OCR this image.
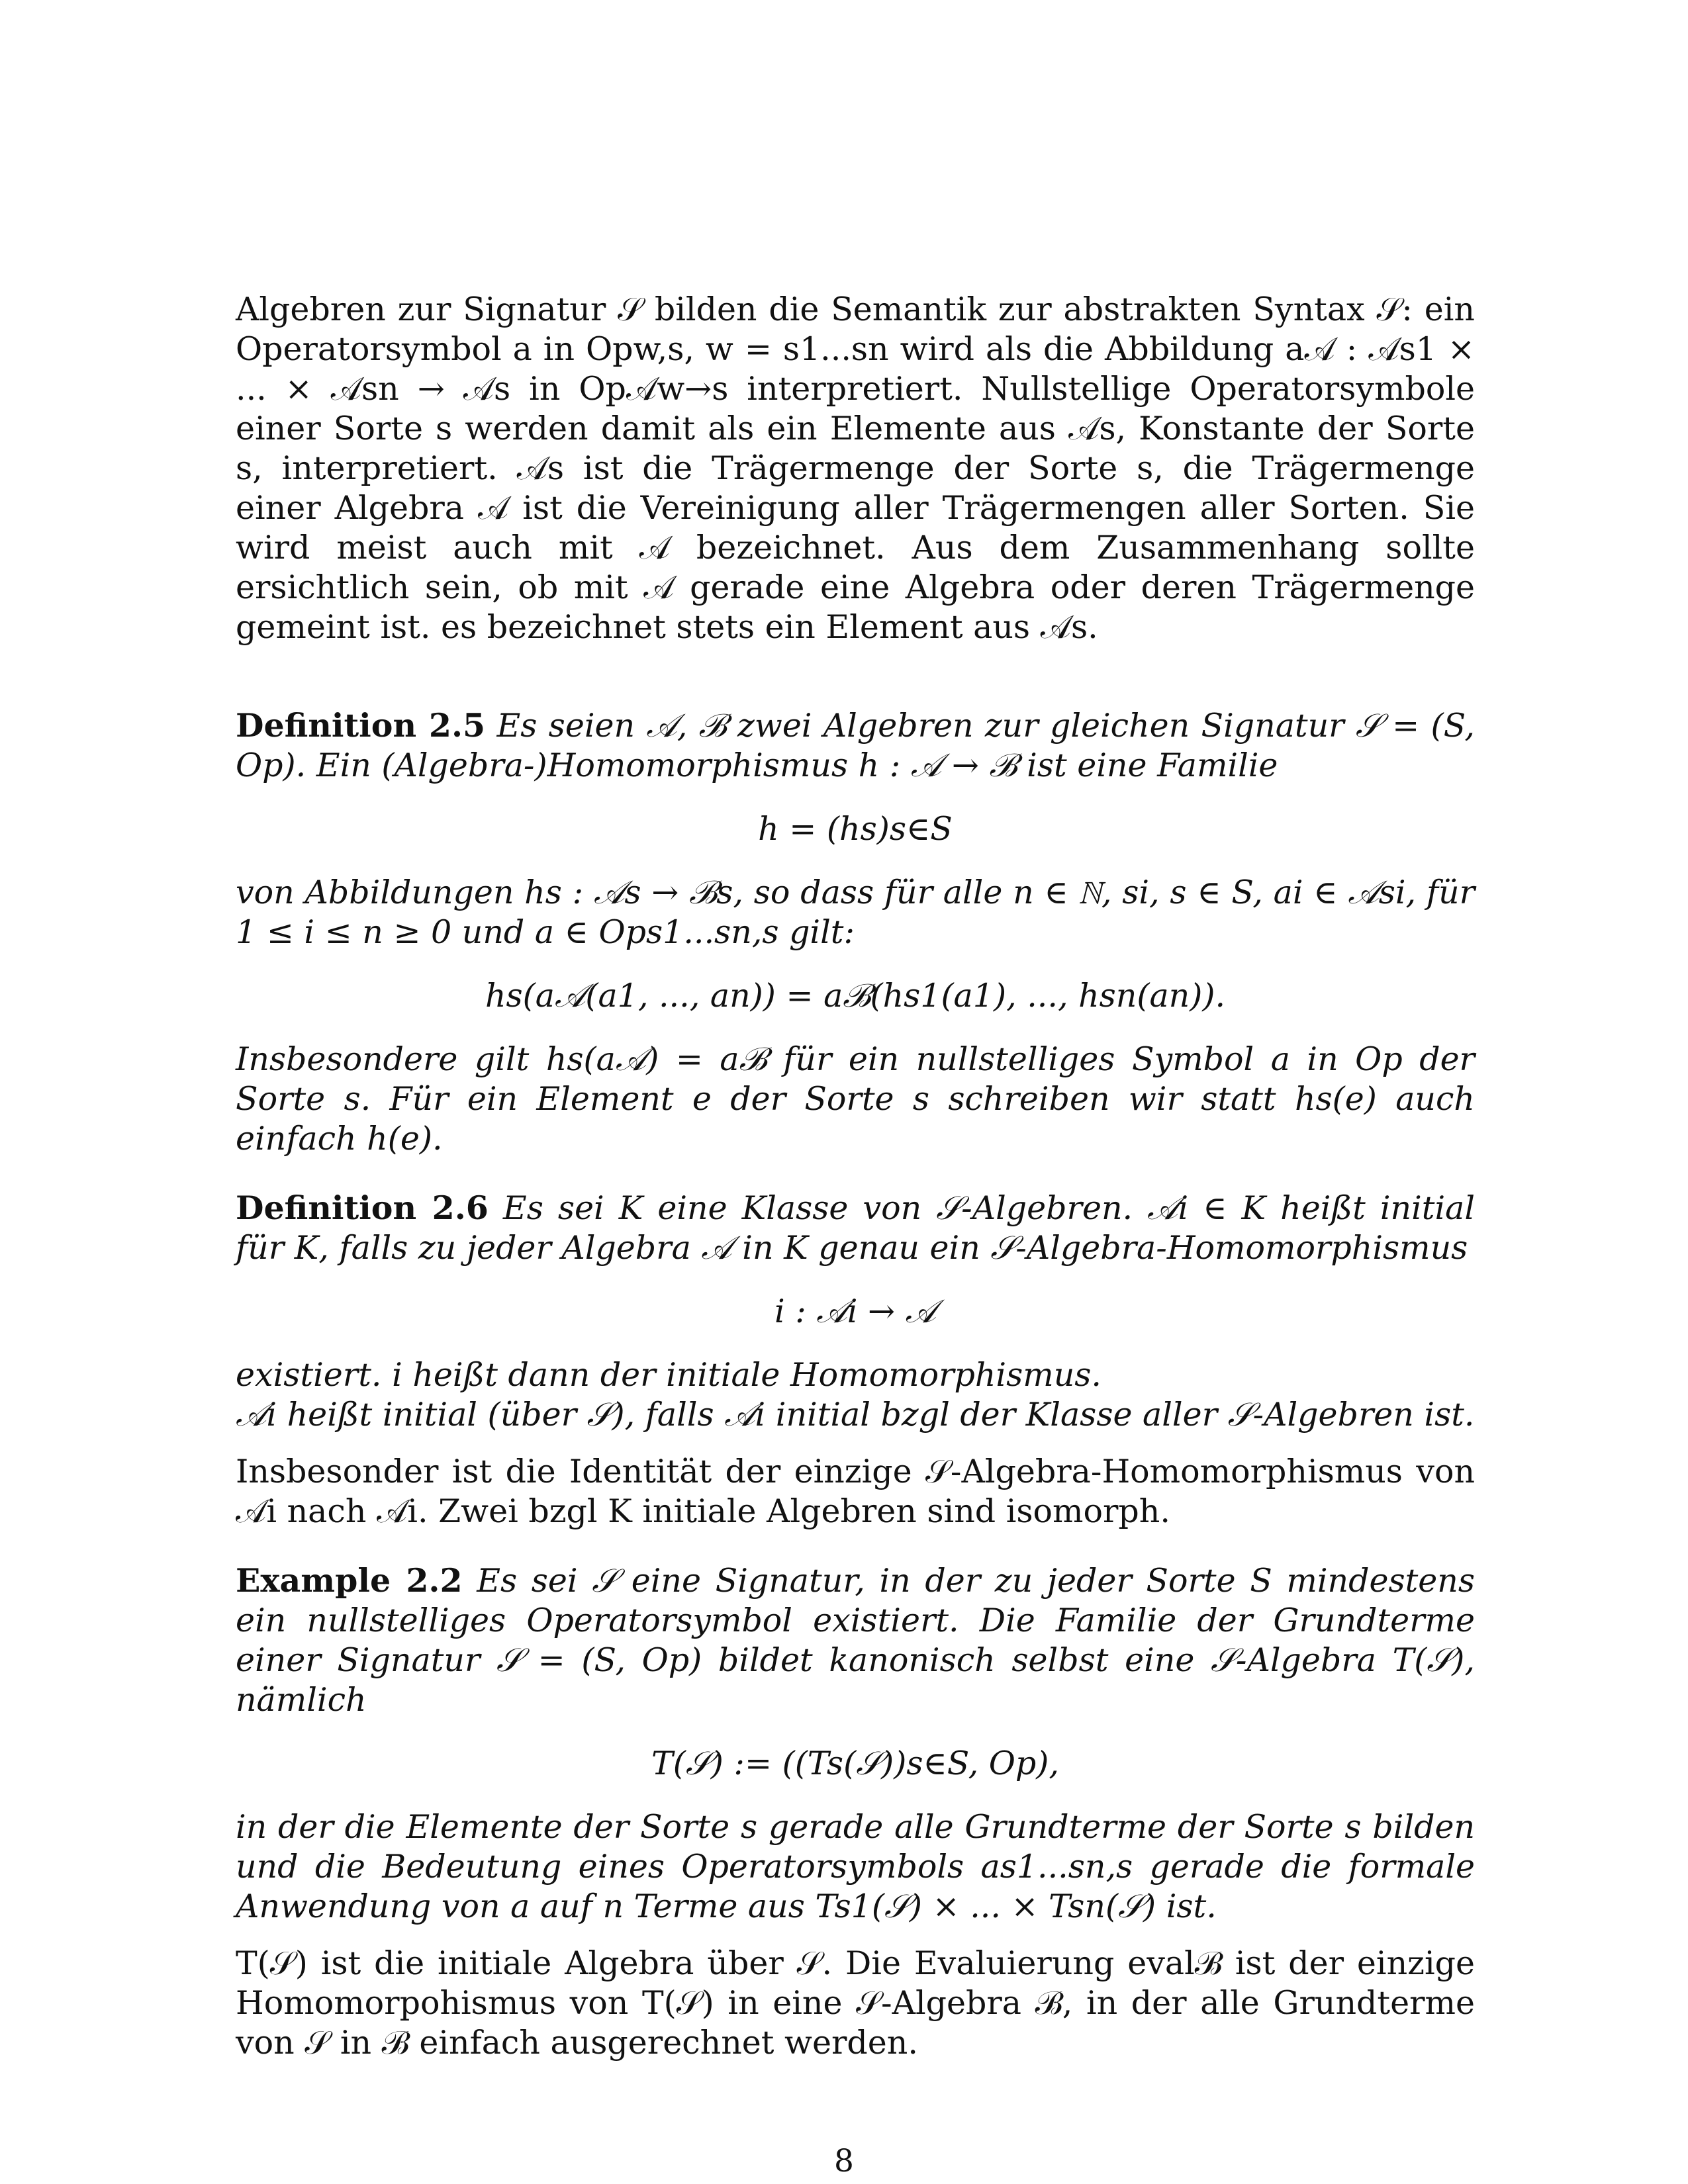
Algebren zur Signatur 𝒮 bilden die Semantik zur abstrakten Syntax 𝒮: ein Operatorsymbol a in Opw,s, w = s1...sn wird als die Abbildung a𝒜 : 𝒜s1 × ... × 𝒜sn → 𝒜s in Op𝒜w→s interpretiert. Nullstellige Operatorsymbole einer Sorte s werden damit als ein Elemente aus 𝒜s, Konstante der Sorte s, interpretiert. 𝒜s ist die Trägermenge der Sorte s, die Trägermenge einer Algebra 𝒜 ist die Vereinigung aller Trägermengen aller Sorten. Sie wird meist auch mit 𝒜 bezeichnet. Aus dem Zusammenhang sollte ersichtlich sein, ob mit 𝒜 gerade eine Algebra oder deren Trägermenge gemeint ist. es bezeichnet stets ein Element aus 𝒜s.

Definition 2.5 Es seien 𝒜, ℬ zwei Algebren zur gleichen Signatur 𝒮 = (S, Op). Ein (Algebra-)Homomorphismus h : 𝒜 → ℬ ist eine Familie

h = (hs)s∈S

von Abbildungen hs : 𝒜s → ℬs, so dass für alle n ∈ ℕ, si, s ∈ S, ai ∈ 𝒜si, für 1 ≤ i ≤ n ≥ 0 und a ∈ Ops1...sn,s gilt:

hs(a𝒜(a1, ..., an)) = aℬ(hs1(a1), ..., hsn(an)).

Insbesondere gilt hs(a𝒜) = aℬ für ein nullstelliges Symbol a in Op der Sorte s. Für ein Element e der Sorte s schreiben wir statt hs(e) auch einfach h(e).

Definition 2.6 Es sei K eine Klasse von 𝒮-Algebren. 𝒜i ∈ K heißt initial für K, falls zu jeder Algebra 𝒜 in K genau ein 𝒮-Algebra-Homomorphismus

i : 𝒜i → 𝒜

existiert. i heißt dann der initiale Homomorphismus.

𝒜i heißt initial (über 𝒮), falls 𝒜i initial bzgl der Klasse aller 𝒮-Algebren ist.

Insbesonder ist die Identität der einzige 𝒮-Algebra-Homomorphismus von 𝒜i nach 𝒜i. Zwei bzgl K initiale Algebren sind isomorph.

Example 2.2 Es sei 𝒮 eine Signatur, in der zu jeder Sorte S mindestens ein nullstelliges Operatorsymbol existiert. Die Familie der Grundterme einer Signatur 𝒮 = (S, Op) bildet kanonisch selbst eine 𝒮-Algebra T(𝒮), nämlich

T(𝒮) := ((Ts(𝒮))s∈S, Op),

in der die Elemente der Sorte s gerade alle Grundterme der Sorte s bilden und die Bedeutung eines Operatorsymbols as1...sn,s gerade die formale Anwendung von a auf n Terme aus Ts1(𝒮) × ... × Tsn(𝒮) ist.

T(𝒮) ist die initiale Algebra über 𝒮. Die Evaluierung evalℬ ist der einzige Homomorpohismus von T(𝒮) in eine 𝒮-Algebra ℬ, in der alle Grundterme von 𝒮 in ℬ einfach ausgerechnet werden.

8
